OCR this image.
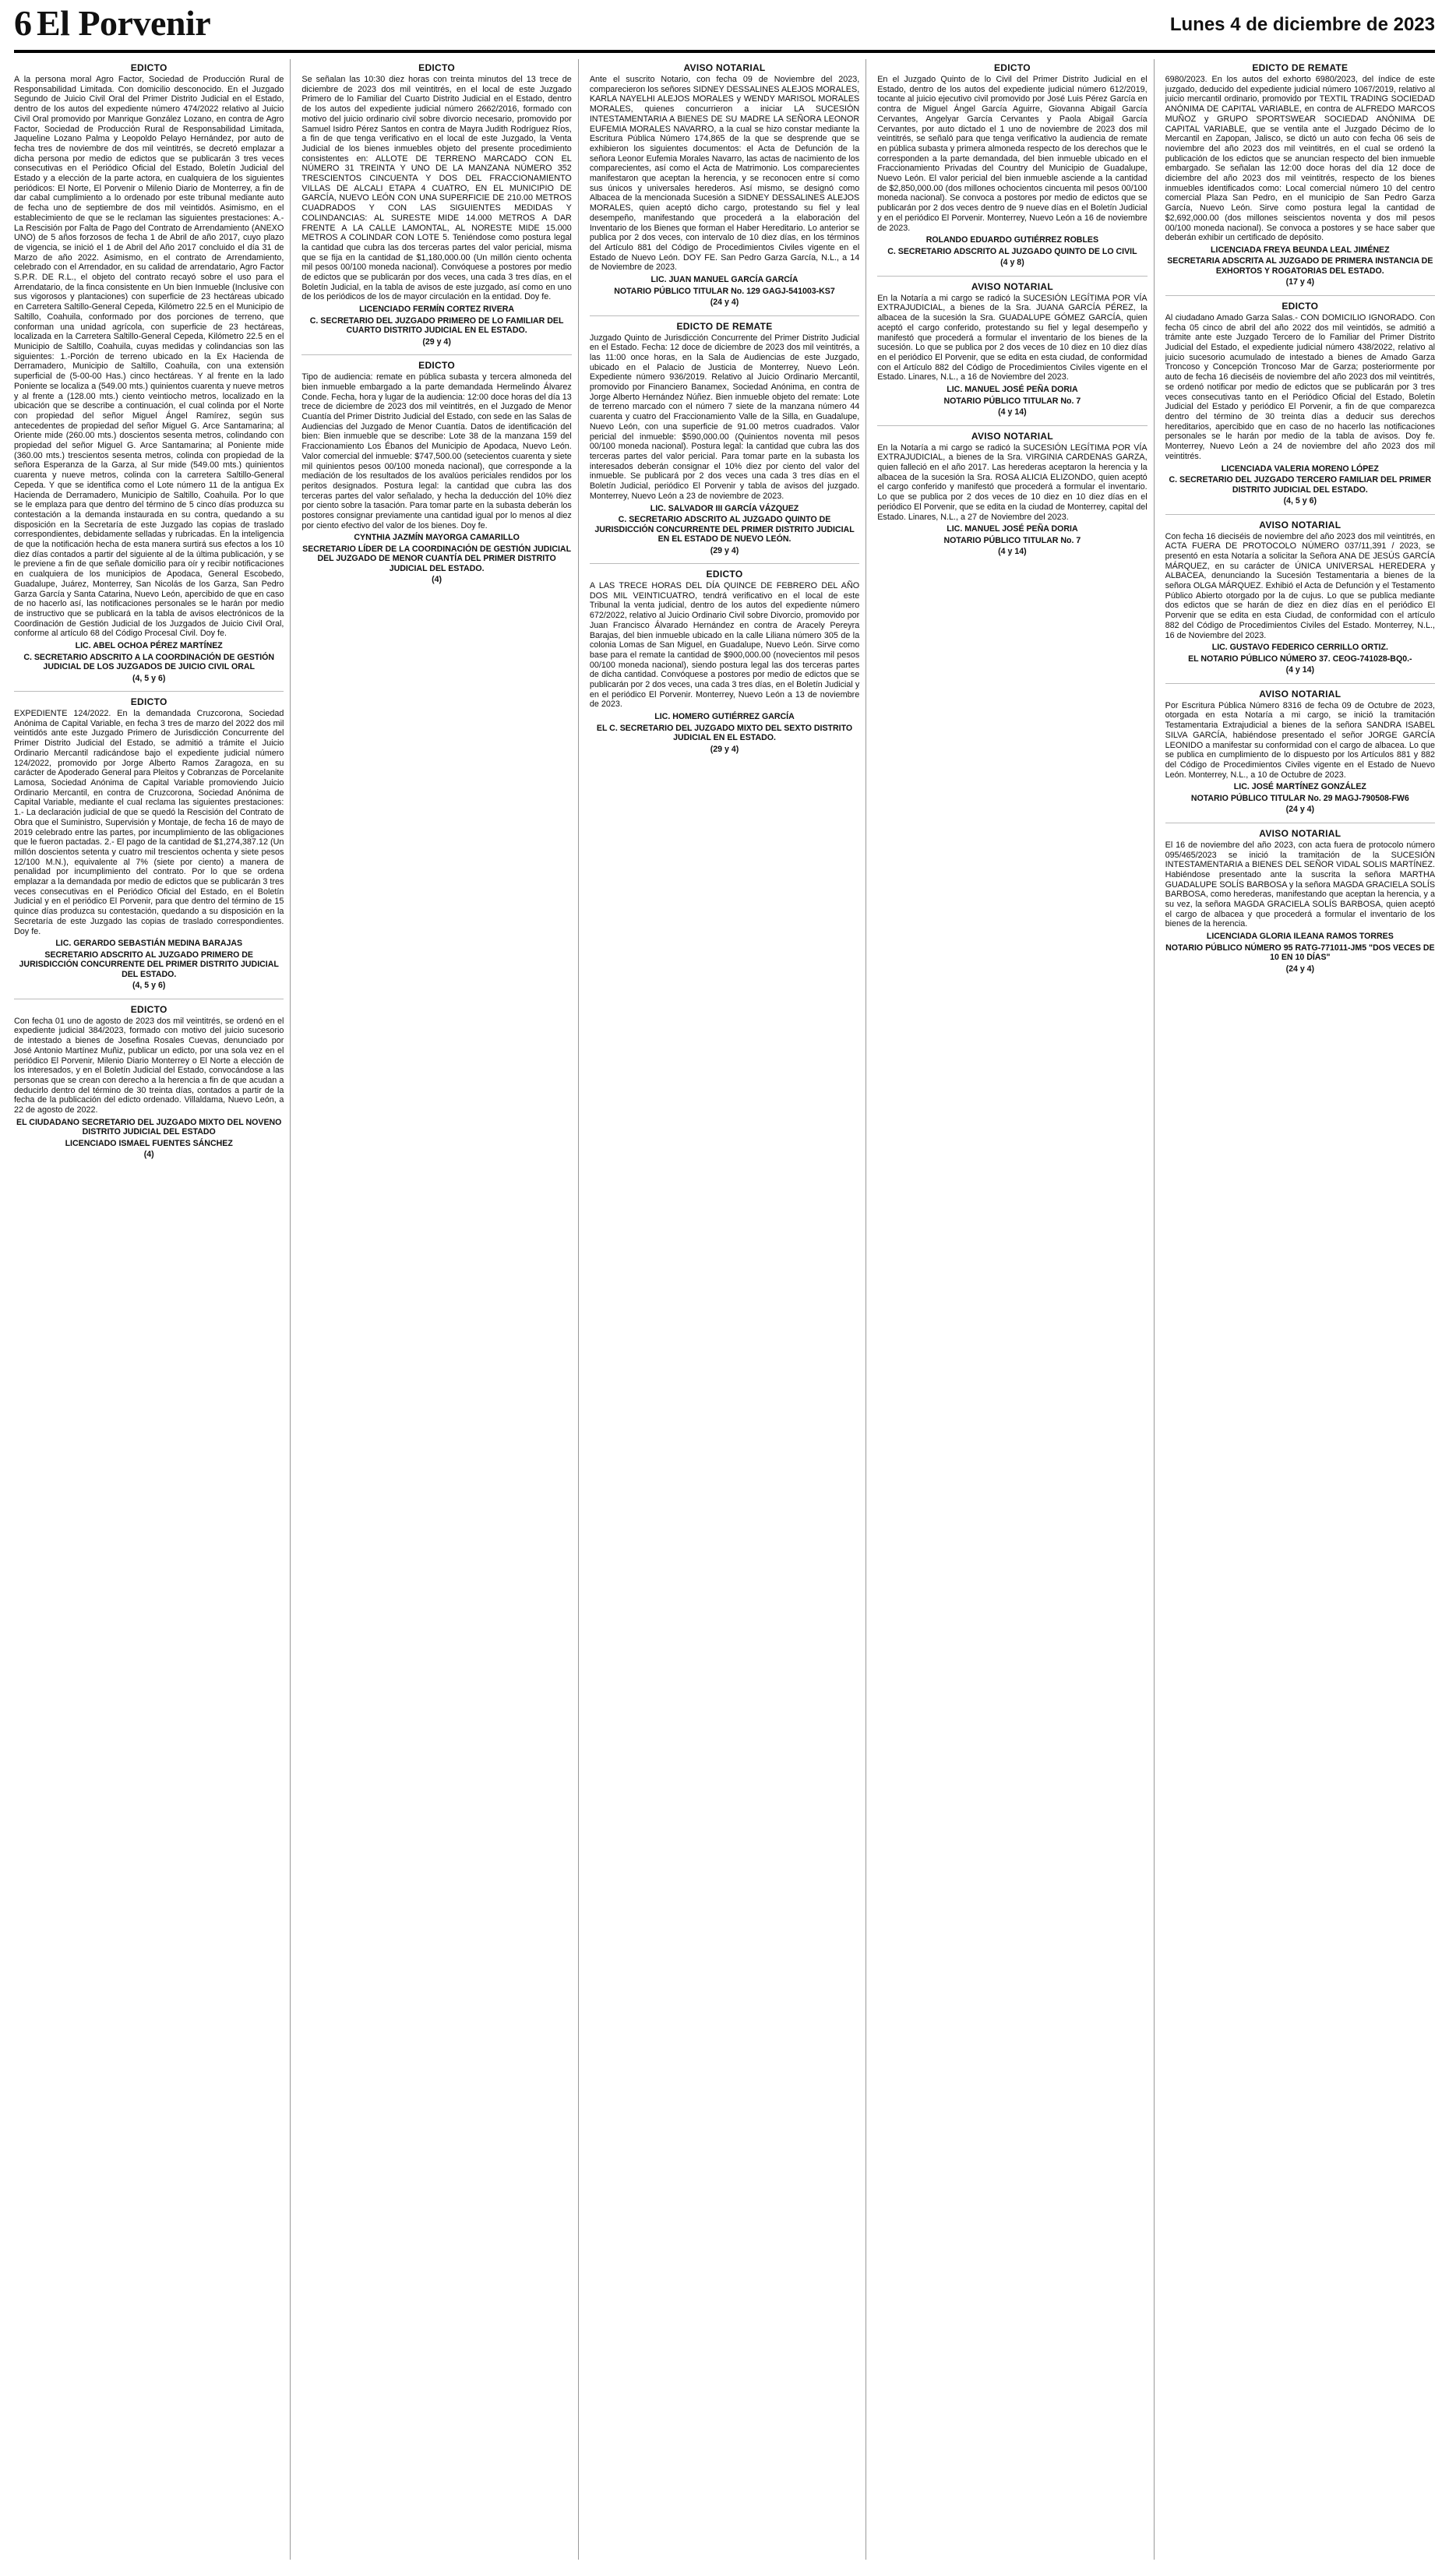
6 El Porvenir	Lunes 4 de diciembre de 2023
EDICTO

A la persona moral Agro Factor, Sociedad de Producción Rural de Responsabilidad Limitada. Con domicilio desconocido. En el Juzgado Segundo de Juicio Civil Oral del Primer Distrito Judicial en el Estado, dentro de los autos del expediente número 474/2022 relativo al Juicio Civil Oral promovido por Manrique González Lozano, en contra de Agro Factor, Sociedad de Producción Rural de Responsabilidad Limitada, Jaqueline Lozano Palma y Leopoldo Pelayo Hernández, por auto de fecha tres de noviembre de dos mil veintitrés, se decretó emplazar a dicha persona por medio de edictos que se publicarán 3 tres veces consecutivas en el Periódico Oficial del Estado, Boletín Judicial del Estado y a elección de la parte actora, en cualquiera de los siguientes periódicos: El Norte, El Porvenir o Milenio Diario de Monterrey, a fin de dar cabal cumplimiento a lo ordenado por este tribunal mediante auto de fecha uno de septiembre de dos mil veintidós. Asimismo, en el establecimiento de que se le reclaman las siguientes prestaciones: A.- La Rescisión por Falta de Pago del Contrato de Arrendamiento (ANEXO UNO) de 5 años forzosos de fecha 1 de Abril de año 2017, cuyo plazo de vigencia, se inició el 1 de Abril del Año 2017 concluido el día 31 de Marzo de año 2022. Asimismo, en el contrato de Arrendamiento, celebrado con el Arrendador, en su calidad de arrendatario, Agro Factor S.P.R. DE R.L., el objeto del contrato recayó sobre el uso para el Arrendatario, de la finca consistente en Un bien Inmueble (Inclusive con sus vigorosos y plantaciones) con superficie de 23 hectáreas ubicado en Carretera Saltillo-General Cepeda, Kilómetro 22.5 en el Municipio de Saltillo, Coahuila, conformado por dos porciones de terreno, que conforman una unidad agrícola, con superficie de 23 hectáreas, localizada en la Carretera Saltillo-General Cepeda, Kilómetro 22.5 en el Municipio de Saltillo, Coahuila, cuyas medidas y colindancias son las siguientes: 1.-Porción de terreno ubicado en la Ex Hacienda de Derramadero, Municipio de Saltillo, Coahuila, con una extensión superficial de (5-00-00 Has.) cinco hectáreas. Y al frente en la lado Poniente se localiza a (549.00 mts.) quinientos cuarenta y nueve metros y al frente a (128.00 mts.) ciento veintiocho metros, localizado en la ubicación que se describe a continuación, el cual colinda por el Norte con propiedad del señor Miguel Ángel Ramírez, según sus antecedentes de propiedad del señor Miguel G. Arce Santamarina; al Oriente mide (260.00 mts.) doscientos sesenta metros, colindando con propiedad del señor Miguel G. Arce Santamarina; al Poniente mide (360.00 mts.) trescientos sesenta metros, colinda con propiedad de la señora Esperanza de la Garza, al Sur mide (549.00 mts.) quinientos cuarenta y nueve metros, colinda con la carretera Saltillo-General Cepeda. Y que se identifica como el Lote número 11 de la antigua Ex Hacienda de Derramadero, Municipio de Saltillo, Coahuila. Por lo que se le emplaza para que dentro del término de 5 cinco días produzca su contestación a la demanda instaurada en su contra, quedando a su disposición en la Secretaría de este Juzgado las copias de traslado correspondientes, debidamente selladas y rubricadas. En la inteligencia de que la notificación hecha de esta manera surtirá sus efectos a los 10 diez días contados a partir del siguiente al de la última publicación, y se le previene a fin de que señale domicilio para oír y recibir notificaciones en cualquiera de los municipios de Apodaca, General Escobedo, Guadalupe, Juárez, Monterrey, San Nicolás de los Garza, San Pedro Garza García y Santa Catarina, Nuevo León, apercibido de que en caso de no hacerlo así, las notificaciones personales se le harán por medio de instructivo que se publicará en la tabla de avisos electrónicos de la Coordinación de Gestión Judicial de los Juzgados de Juicio Civil Oral, conforme al artículo 68 del Código Procesal Civil. Doy fe.

LIC. ABEL OCHOA PÉREZ MARTÍNEZ
C. SECRETARIO ADSCRITO A LA COORDINACIÓN DE GESTIÓN JUDICIAL DE LOS JUZGADOS DE JUICIO CIVIL ORAL
(4, 5 y 6)
EDICTO

EXPEDIENTE 124/2022. En la demandada Cruzcorona, Sociedad Anónima de Capital Variable, en fecha 3 tres de marzo del 2022 dos mil veintidós ante este Juzgado Primero de Jurisdicción Concurrente del Primer Distrito Judicial del Estado, se admitió a trámite el Juicio Ordinario Mercantil radicándose bajo el expediente judicial número 124/2022, promovido por Jorge Alberto Ramos Zaragoza, en su carácter de Apoderado General para Pleitos y Cobranzas de Porcelanite Lamosa, Sociedad Anónima de Capital Variable promoviendo Juicio Ordinario Mercantil, en contra de Cruzcorona, Sociedad Anónima de Capital Variable, mediante el cual reclama las siguientes prestaciones: 1.- La declaración judicial de que se quedó la Rescisión del Contrato de Obra que el Suministro, Supervisión y Montaje, de fecha 16 de mayo de 2019 celebrado entre las partes, por incumplimiento de las obligaciones que le fueron pactadas. 2.- El pago de la cantidad de $1,274,387.12 (Un millón doscientos setenta y cuatro mil trescientos ochenta y siete pesos 12/100 M.N.), equivalente al 7% (siete por ciento) a manera de penalidad por incumplimiento del contrato. Por lo que se ordena emplazar a la demandada por medio de edictos que se publicarán 3 tres veces consecutivas en el Periódico Oficial del Estado, en el Boletín Judicial y en el periódico El Porvenir, para que dentro del término de 15 quince días produzca su contestación, quedando a su disposición en la Secretaría de este Juzgado las copias de traslado correspondientes. Doy fe.

LIC. GERARDO SEBASTIÁN MEDINA BARAJAS
SECRETARIO ADSCRITO AL JUZGADO PRIMERO DE JURISDICCIÓN CONCURRENTE DEL PRIMER DISTRITO JUDICIAL DEL ESTADO.
(4, 5 y 6)
EDICTO

Con fecha 01 uno de agosto de 2023 dos mil veintitrés, se ordenó en el expediente judicial 384/2023, formado con motivo del juicio sucesorio de intestado a bienes de Josefina Rosales Cuevas, denunciado por José Antonio Martínez Muñiz, publicar un edicto, por una sola vez en el periódico El Porvenir, Milenio Diario Monterrey o El Norte a elección de los interesados, y en el Boletín Judicial del Estado, convocándose a las personas que se crean con derecho a la herencia a fin de que acudan a deducirlo dentro del término de 30 treinta días, contados a partir de la fecha de la publicación del edicto ordenado. Villaldama, Nuevo León, a 22 de agosto de 2022.

EL CIUDADANO SECRETARIO DEL JUZGADO MIXTO DEL NOVENO DISTRITO JUDICIAL DEL ESTADO
LICENCIADO ISMAEL FUENTES SÁNCHEZ
(4)
EDICTO

Se señalan las 10:30 diez horas con treinta minutos del 13 trece de diciembre de 2023 dos mil veintitrés, en el local de este Juzgado Primero de lo Familiar del Cuarto Distrito Judicial en el Estado, dentro de los autos del expediente judicial número 2662/2016, formado con motivo del juicio ordinario civil sobre divorcio necesario, promovido por Samuel Isidro Pérez Santos en contra de Mayra Judith Rodríguez Ríos, a fin de que tenga verificativo en el local de este Juzgado, la Venta Judicial de los bienes inmuebles objeto del presente procedimiento consistentes en: ALLOTE DE TERRENO MARCADO CON EL NÚMERO 31 TREINTA Y UNO DE LA MANZANA NÚMERO 352 TRESCIENTOS CINCUENTA Y DOS DEL FRACCIONAMIENTO VILLAS DE ALCALI ETAPA 4 CUATRO, EN EL MUNICIPIO DE GARCÍA, NUEVO LEÓN CON UNA SUPERFICIE DE 210.00 METROS CUADRADOS Y CON LAS SIGUIENTES MEDIDAS Y COLINDANCIAS: AL SURESTE MIDE 14.000 METROS A DAR FRENTE A LA CALLE LAMONTAL, AL NORESTE MIDE 15.000 METROS A COLINDAR CON LOTE 5. Teniéndose como postura legal la cantidad que cubra las dos terceras partes del valor pericial, misma que se fija en la cantidad de $1,180,000.00 (Un millón ciento ochenta mil pesos 00/100 moneda nacional). Convóquese a postores por medio de edictos que se publicarán por dos veces, una cada 3 tres días, en el Boletín Judicial, en la tabla de avisos de este juzgado, así como en uno de los periódicos de los de mayor circulación en la entidad. Doy fe.

LICENCIADO FERMÍN CORTEZ RIVERA
C. SECRETARIO DEL JUZGADO PRIMERO DE LO FAMILIAR DEL CUARTO DISTRITO JUDICIAL EN EL ESTADO.
(29 y 4)
EDICTO

Tipo de audiencia: remate en pública subasta y tercera almoneda del bien inmueble embargado a la parte demandada Hermelindo Álvarez Conde. Fecha, hora y lugar de la audiencia: 12:00 doce horas del día 13 trece de diciembre de 2023 dos mil veintitrés, en el Juzgado de Menor Cuantía del Primer Distrito Judicial del Estado, con sede en las Salas de Audiencias del Juzgado de Menor Cuantía. Datos de identificación del bien: Bien inmueble que se describe: Lote 38 de la manzana 159 del Fraccionamiento Los Ébanos del Municipio de Apodaca, Nuevo León. Valor comercial del inmueble: $747,500.00 (setecientos cuarenta y siete mil quinientos pesos 00/100 moneda nacional), que corresponde a la mediación de los resultados de los avalúos periciales rendidos por los peritos designados. Postura legal: la cantidad que cubra las dos terceras partes del valor señalado, y hecha la deducción del 10% diez por ciento sobre la tasación. Para tomar parte en la subasta deberán los postores consignar previamente una cantidad igual por lo menos al diez por ciento efectivo del valor de los bienes. Doy fe.

CYNTHIA JAZMÍN MAYORGA CAMARILLO
SECRETARIO LÍDER DE LA COORDINACIÓN DE GESTIÓN JUDICIAL DEL JUZGADO DE MENOR CUANTÍA DEL PRIMER DISTRITO JUDICIAL DEL ESTADO.
(4)
AVISO NOTARIAL

Ante el suscrito Notario, con fecha 09 de Noviembre del 2023, comparecieron los señores SIDNEY DESSALINES ALEJOS MORALES, KARLA NAYELHI ALEJOS MORALES y WENDY MARISOL MORALES MORALES, quienes concurrieron a iniciar LA SUCESIÓN INTESTAMENTARIA A BIENES DE SU MADRE LA SEÑORA LEONOR EUFEMIA MORALES NAVARRO, a la cual se hizo constar mediante la Escritura Pública Número 174,865 de la que se desprende que se exhibieron los siguientes documentos: el Acta de Defunción de la señora Leonor Eufemia Morales Navarro, las actas de nacimiento de los comparecientes, así como el Acta de Matrimonio. Los comparecientes manifestaron que aceptan la herencia, y se reconocen entre sí como sus únicos y universales herederos. Así mismo, se designó como Albacea de la mencionada Sucesión a SIDNEY DESSALINES ALEJOS MORALES, quien aceptó dicho cargo, protestando su fiel y leal desempeño, manifestando que procederá a la elaboración del Inventario de los Bienes que forman el Haber Hereditario. Lo anterior se publica por 2 dos veces, con intervalo de 10 diez días, en los términos del Artículo 881 del Código de Procedimientos Civiles vigente en el Estado de Nuevo León. DOY FE. San Pedro Garza García, N.L., a 14 de Noviembre de 2023.

LIC. JUAN MANUEL GARCÍA GARCÍA
NOTARIO PÚBLICO TITULAR No. 129 GAGJ-541003-KS7
(24 y 4)
EDICTO DE REMATE

Juzgado Quinto de Jurisdicción Concurrente del Primer Distrito Judicial en el Estado. Fecha: 12 doce de diciembre de 2023 dos mil veintitrés, a las 11:00 once horas, en la Sala de Audiencias de este Juzgado, ubicado en el Palacio de Justicia de Monterrey, Nuevo León. Expediente número 936/2019. Relativo al Juicio Ordinario Mercantil, promovido por Financiero Banamex, Sociedad Anónima, en contra de Jorge Alberto Hernández Núñez. Bien inmueble objeto del remate: Lote de terreno marcado con el número 7 siete de la manzana número 44 cuarenta y cuatro del Fraccionamiento Valle de la Silla, en Guadalupe, Nuevo León, con una superficie de 91.00 metros cuadrados. Valor pericial del inmueble: $590,000.00 (Quinientos noventa mil pesos 00/100 moneda nacional). Postura legal: la cantidad que cubra las dos terceras partes del valor pericial. Para tomar parte en la subasta los interesados deberán consignar el 10% diez por ciento del valor del inmueble. Se publicará por 2 dos veces una cada 3 tres días en el Boletín Judicial, periódico El Porvenir y tabla de avisos del juzgado. Monterrey, Nuevo León a 23 de noviembre de 2023.

LIC. SALVADOR III GARCÍA VÁZQUEZ
C. SECRETARIO ADSCRITO AL JUZGADO QUINTO DE JURISDICCIÓN CONCURRENTE DEL PRIMER DISTRITO JUDICIAL EN EL ESTADO DE NUEVO LEÓN.
(29 y 4)
EDICTO

A LAS TRECE HORAS DEL DÍA QUINCE DE FEBRERO DEL AÑO DOS MIL VEINTICUATRO, tendrá verificativo en el local de este Tribunal la venta judicial, dentro de los autos del expediente número 672/2022, relativo al Juicio Ordinario Civil sobre Divorcio, promovido por Juan Francisco Álvarado Hernández en contra de Aracely Pereyra Barajas, del bien inmueble ubicado en la calle Liliana número 305 de la colonia Lomas de San Miguel, en Guadalupe, Nuevo León. Sirve como base para el remate la cantidad de $900,000.00 (novecientos mil pesos 00/100 moneda nacional), siendo postura legal las dos terceras partes de dicha cantidad. Convóquese a postores por medio de edictos que se publicarán por 2 dos veces, una cada 3 tres días, en el Boletín Judicial y en el periódico El Porvenir. Monterrey, Nuevo León a 13 de noviembre de 2023.

LIC. HOMERO GUTIÉRREZ GARCÍA
EL C. SECRETARIO DEL JUZGADO MIXTO DEL SEXTO DISTRITO JUDICIAL EN EL ESTADO.
(29 y 4)
EDICTO

En el Juzgado Quinto de lo Civil del Primer Distrito Judicial en el Estado, dentro de los autos del expediente judicial número 612/2019, tocante al juicio ejecutivo civil promovido por José Luis Pérez García en contra de Miguel Ángel García Aguirre, Giovanna Abigail García Cervantes, Angelyar García Cervantes y Paola Abigail García Cervantes, por auto dictado el 1 uno de noviembre de 2023 dos mil veintitrés, se señaló para que tenga verificativo la audiencia de remate en pública subasta y primera almoneda respecto de los derechos que le corresponden a la parte demandada, del bien inmueble ubicado en el Fraccionamiento Privadas del Country del Municipio de Guadalupe, Nuevo León. El valor pericial del bien inmueble asciende a la cantidad de $2,850,000.00 (dos millones ochocientos cincuenta mil pesos 00/100 moneda nacional). Se convoca a postores por medio de edictos que se publicarán por 2 dos veces dentro de 9 nueve días en el Boletín Judicial y en el periódico El Porvenir. Monterrey, Nuevo León a 16 de noviembre de 2023.

ROLANDO EDUARDO GUTIÉRREZ ROBLES
C. SECRETARIO ADSCRITO AL JUZGADO QUINTO DE LO CIVIL
(4 y 8)
AVISO NOTARIAL

En la Notaría a mi cargo se radicó la SUCESIÓN LEGÍTIMA POR VÍA EXTRAJUDICIAL, a bienes de la Sra. JUANA GARCÍA PÉREZ, la albacea de la sucesión la Sra. GUADALUPE GÓMEZ GARCÍA, quien aceptó el cargo conferido, protestando su fiel y legal desempeño y manifestó que procederá a formular el inventario de los bienes de la sucesión. Lo que se publica por 2 dos veces de 10 diez en 10 diez días en el periódico El Porvenir, que se edita en esta ciudad, de conformidad con el Artículo 882 del Código de Procedimientos Civiles vigente en el Estado. Linares, N.L., a 16 de Noviembre del 2023.

LIC. MANUEL JOSÉ PEÑA DORIA
NOTARIO PÚBLICO TITULAR No. 7
(4 y 14)
AVISO NOTARIAL

En la Notaría a mi cargo se radicó la SUCESIÓN LEGÍTIMA POR VÍA EXTRAJUDICIAL, a bienes de la Sra. VIRGINIA CARDENAS GARZA, quien falleció en el año 2017. Las herederas aceptaron la herencia y la albacea de la sucesión la Sra. ROSA ALICIA ELIZONDO, quien aceptó el cargo conferido y manifestó que procederá a formular el inventario. Lo que se publica por 2 dos veces de 10 diez en 10 diez días en el periódico El Porvenir, que se edita en la ciudad de Monterrey, capital del Estado. Linares, N.L., a 27 de Noviembre del 2023.

LIC. MANUEL JOSÉ PEÑA DORIA
NOTARIO PÚBLICO TITULAR No. 7
(4 y 14)
EDICTO DE REMATE

6980/2023. En los autos del exhorto 6980/2023, del índice de este juzgado, deducido del expediente judicial número 1067/2019, relativo al juicio mercantil ordinario, promovido por TEXTIL TRADING SOCIEDAD ANÓNIMA DE CAPITAL VARIABLE, en contra de ALFREDO MARCOS MUÑOZ y GRUPO SPORTSWEAR SOCIEDAD ANÓNIMA DE CAPITAL VARIABLE, que se ventila ante el Juzgado Décimo de lo Mercantil en Zapopan, Jalisco, se dictó un auto con fecha 06 seis de noviembre del año 2023 dos mil veintitrés, en el cual se ordenó la publicación de los edictos que se anuncian respecto del bien inmueble embargado. Se señalan las 12:00 doce horas del día 12 doce de diciembre del año 2023 dos mil veintitrés, respecto de los bienes inmuebles identificados como: Local comercial número 10 del centro comercial Plaza San Pedro, en el municipio de San Pedro Garza García, Nuevo León. Sirve como postura legal la cantidad de $2,692,000.00 (dos millones seiscientos noventa y dos mil pesos 00/100 moneda nacional). Se convoca a postores y se hace saber que deberán exhibir un certificado de depósito.

LICENCIADA FREYA BEUNDA LEAL JIMÉNEZ
SECRETARIA ADSCRITA AL JUZGADO DE PRIMERA INSTANCIA DE EXHORTOS Y ROGATORIAS DEL ESTADO.
(17 y 4)
EDICTO

Al ciudadano Amado Garza Salas.- CON DOMICILIO IGNORADO. Con fecha 05 cinco de abril del año 2022 dos mil veintidós, se admitió a trámite ante este Juzgado Tercero de lo Familiar del Primer Distrito Judicial del Estado, el expediente judicial número 438/2022, relativo al juicio sucesorio acumulado de intestado a bienes de Amado Garza Troncoso y Concepción Troncoso Mar de Garza; posteriormente por auto de fecha 16 dieciséis de noviembre del año 2023 dos mil veintitrés, se ordenó notificar por medio de edictos que se publicarán por 3 tres veces consecutivas tanto en el Periódico Oficial del Estado, Boletín Judicial del Estado y periódico El Porvenir, a fin de que comparezca dentro del término de 30 treinta días a deducir sus derechos hereditarios, apercibido que en caso de no hacerlo las notificaciones personales se le harán por medio de la tabla de avisos. Doy fe. Monterrey, Nuevo León a 24 de noviembre del año 2023 dos mil veintitrés.

LICENCIADA VALERIA MORENO LÓPEZ
C. SECRETARIO DEL JUZGADO TERCERO FAMILIAR DEL PRIMER DISTRITO JUDICIAL DEL ESTADO.
(4, 5 y 6)
AVISO NOTARIAL

Con fecha 16 dieciséis de noviembre del año 2023 dos mil veintitrés, en ACTA FUERA DE PROTOCOLO NÚMERO 037/11,391 / 2023, se presentó en esta Notaría a solicitar la Señora ANA DE JESÚS GARCÍA MÁRQUEZ, en su carácter de ÚNICA UNIVERSAL HEREDERA y ALBACEA, denunciando la Sucesión Testamentaria a bienes de la señora OLGA MÁRQUEZ. Exhibió el Acta de Defunción y el Testamento Público Abierto otorgado por la de cujus. Lo que se publica mediante dos edictos que se harán de diez en diez días en el periódico El Porvenir que se edita en esta Ciudad, de conformidad con el artículo 882 del Código de Procedimientos Civiles del Estado. Monterrey, N.L., 16 de Noviembre del 2023.

LIC. GUSTAVO FEDERICO CERRILLO ORTIZ.
EL NOTARIO PÚBLICO NÚMERO 37. CEOG-741028-BQ0.-
(4 y 14)
AVISO NOTARIAL

Por Escritura Pública Número 8316 de fecha 09 de Octubre de 2023, otorgada en esta Notaría a mi cargo, se inició la tramitación Testamentaria Extrajudicial a bienes de la señora SANDRA ISABEL SILVA GARCÍA, habiéndose presentado el señor JORGE GARCÍA LEONIDO a manifestar su conformidad con el cargo de albacea. Lo que se publica en cumplimiento de lo dispuesto por los Artículos 881 y 882 del Código de Procedimientos Civiles vigente en el Estado de Nuevo León. Monterrey, N.L., a 10 de Octubre de 2023.

LIC. JOSÉ MARTÍNEZ GONZÁLEZ
NOTARIO PÚBLICO TITULAR No. 29 MAGJ-790508-FW6
(24 y 4)
AVISO NOTARIAL

El 16 de noviembre del año 2023, con acta fuera de protocolo número 095/465/2023 se inició la tramitación de la SUCESIÓN INTESTAMENTARIA a BIENES DEL SEÑOR VIDAL SOLIS MARTÍNEZ. Habiéndose presentado ante la suscrita la señora MARTHA GUADALUPE SOLÍS BARBOSA y la señora MAGDA GRACIELA SOLÍS BARBOSA, como herederas, manifestando que aceptan la herencia, y a su vez, la señora MAGDA GRACIELA SOLÍS BARBOSA, quien aceptó el cargo de albacea y que procederá a formular el inventario de los bienes de la herencia.

LICENCIADA GLORIA ILEANA RAMOS TORRES
NOTARIO PÚBLICO NÚMERO 95 RATG-771011-JM5 "DOS VECES DE 10 EN 10 DÍAS"
(24 y 4)
